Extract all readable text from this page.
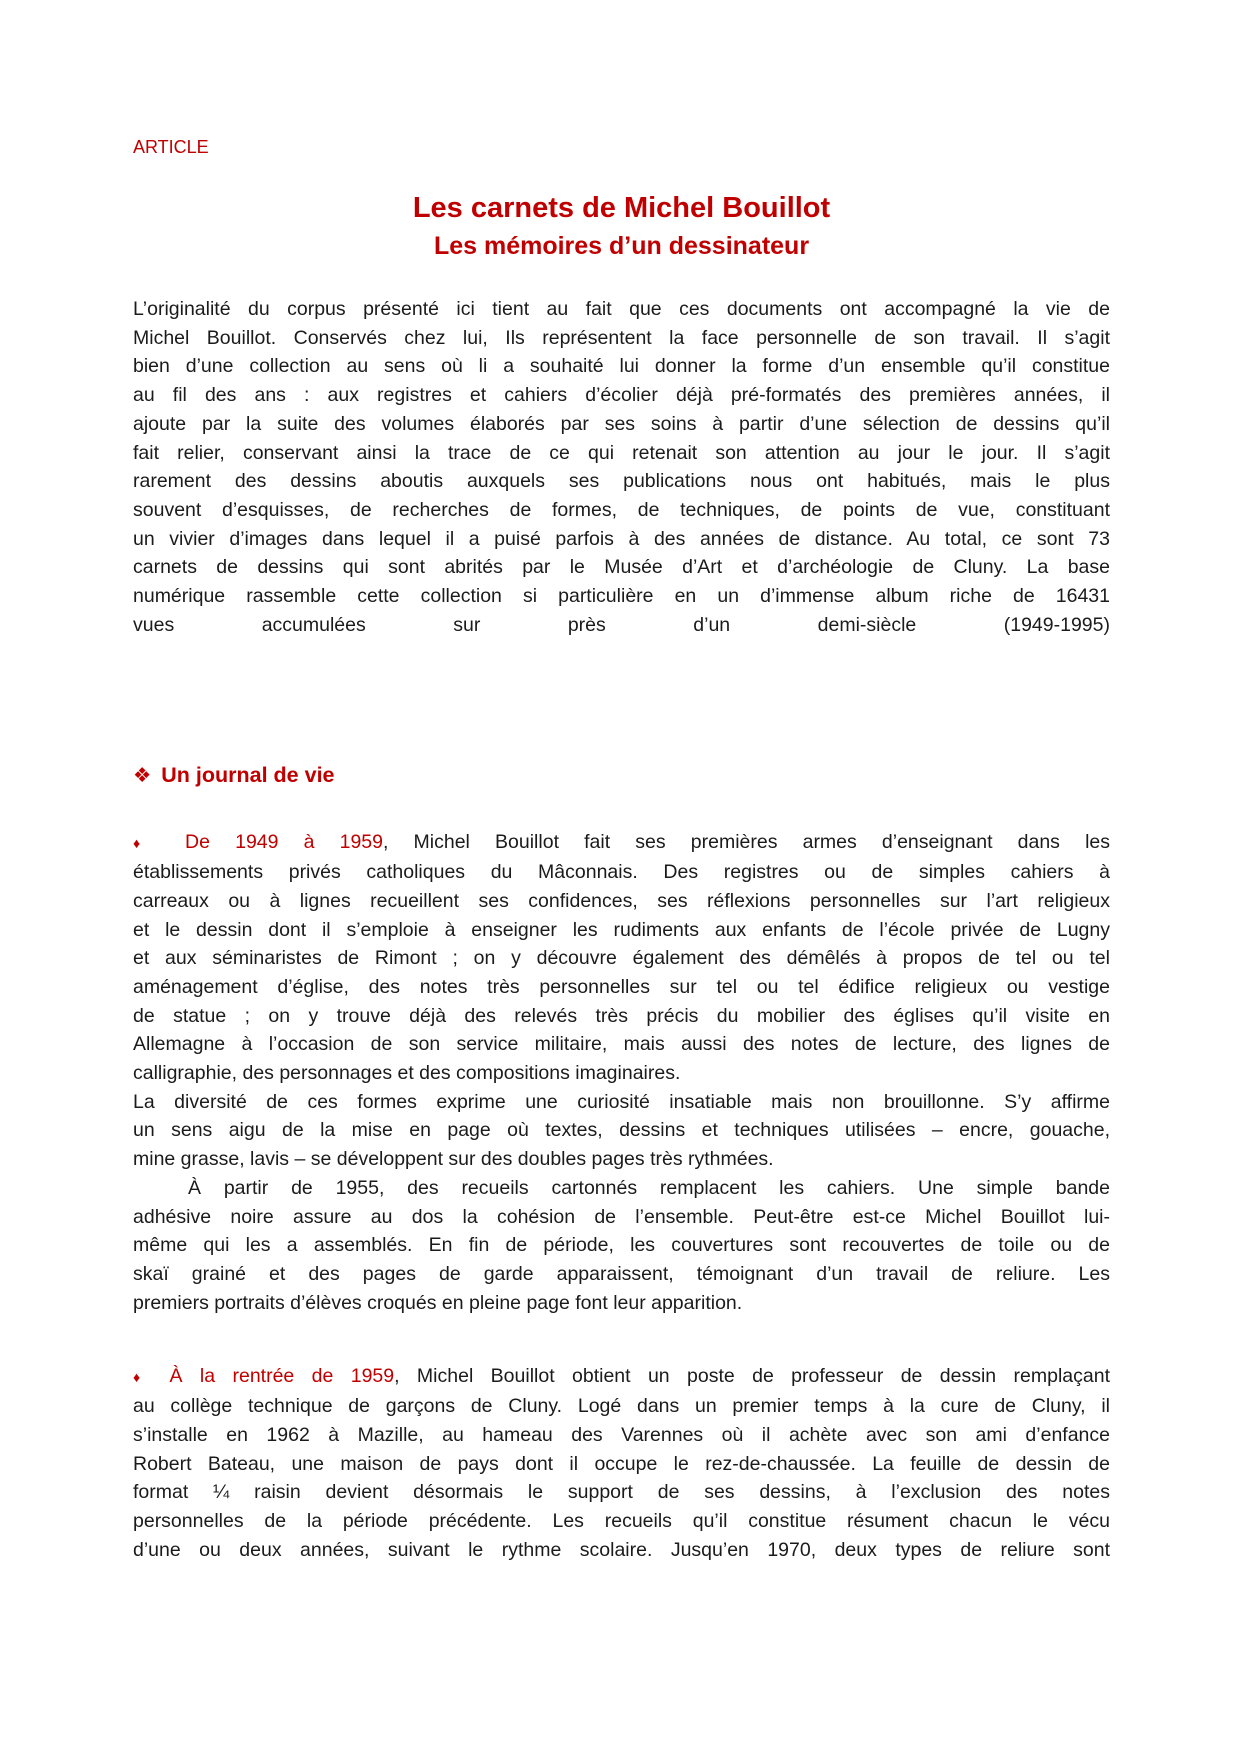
ARTICLE
Les carnets de Michel Bouillot
Les mémoires d’un dessinateur
L’originalité du corpus présenté ici tient au fait que ces documents ont accompagné la vie de
Michel Bouillot. Conservés chez lui, Ils représentent la face personnelle de son travail. Il s’agit
bien d’une collection au sens où li a souhaité lui donner la forme d’un ensemble qu’il constitue
au fil des ans : aux registres et cahiers d’écolier déjà pré-formatés des premières années, il
ajoute par la suite des volumes élaborés par ses soins à partir d’une sélection de dessins qu’il
fait relier, conservant ainsi la trace de ce qui retenait son attention au jour le jour. Il s’agit
rarement des dessins aboutis auxquels ses publications nous ont habitués, mais le plus
souvent d’esquisses, de recherches de formes, de techniques, de points de vue, constituant
un vivier d’images dans lequel il a puisé parfois à des années de distance. Au total, ce sont 73
carnets de dessins qui sont abrités par le Musée d’Art et d’archéologie de Cluny. La base
numérique rassemble cette collection si particulière en un d’immense album riche de 16431
vues accumulées sur près d’un demi-siècle (1949-1995)
❖ Un journal de vie
♦ De 1949 à 1959, Michel Bouillot fait ses premières armes d’enseignant dans les
établissements privés catholiques du Mâconnais. Des registres ou de simples cahiers à
carreaux ou à lignes recueillent ses confidences, ses réflexions personnelles sur l’art religieux
et le dessin dont il s’emploie à enseigner les rudiments aux enfants de l’école privée de Lugny
et aux séminaristes de Rimont ; on y découvre également des démêlés à propos de tel ou tel
aménagement d’église, des notes très personnelles sur tel ou tel édifice religieux ou vestige
de statue ; on y trouve déjà des relevés très précis du mobilier des églises qu’il visite en
Allemagne à l’occasion de son service militaire, mais aussi des notes de lecture, des lignes de
calligraphie, des personnages et des compositions imaginaires.
La diversité de ces formes exprime une curiosité insatiable mais non brouillonne. S’y affirme
un sens aigu de la mise en page où textes, dessins et techniques utilisées – encre, gouache,
mine grasse, lavis – se développent sur des doubles pages très rythmées.
À partir de 1955, des recueils cartonnés remplacent les cahiers. Une simple bande
adhésive noire assure au dos la cohésion de l’ensemble. Peut-être est-ce Michel Bouillot lui-
même qui les a assemblés. En fin de période, les couvertures sont recouvertes de toile ou de
skaï grainé et des pages de garde apparaissent, témoignant d’un travail de reliure. Les
premiers portraits d’élèves croqués en pleine page font leur apparition.
♦ À la rentrée de 1959, Michel Bouillot obtient un poste de professeur de dessin remplaçant
au collège technique de garçons de Cluny. Logé dans un premier temps à la cure de Cluny, il
s’installe en 1962 à Mazille, au hameau des Varennes où il achète avec son ami d’enfance
Robert Bateau, une maison de pays dont il occupe le rez-de-chaussée. La feuille de dessin de
format ¼ raisin devient désormais le support de ses dessins, à l’exclusion des notes
personnelles de la période précédente. Les recueils qu’il constitue résument chacun le vécu
d’une ou deux années, suivant le rythme scolaire. Jusqu’en 1970, deux types de reliure sont
